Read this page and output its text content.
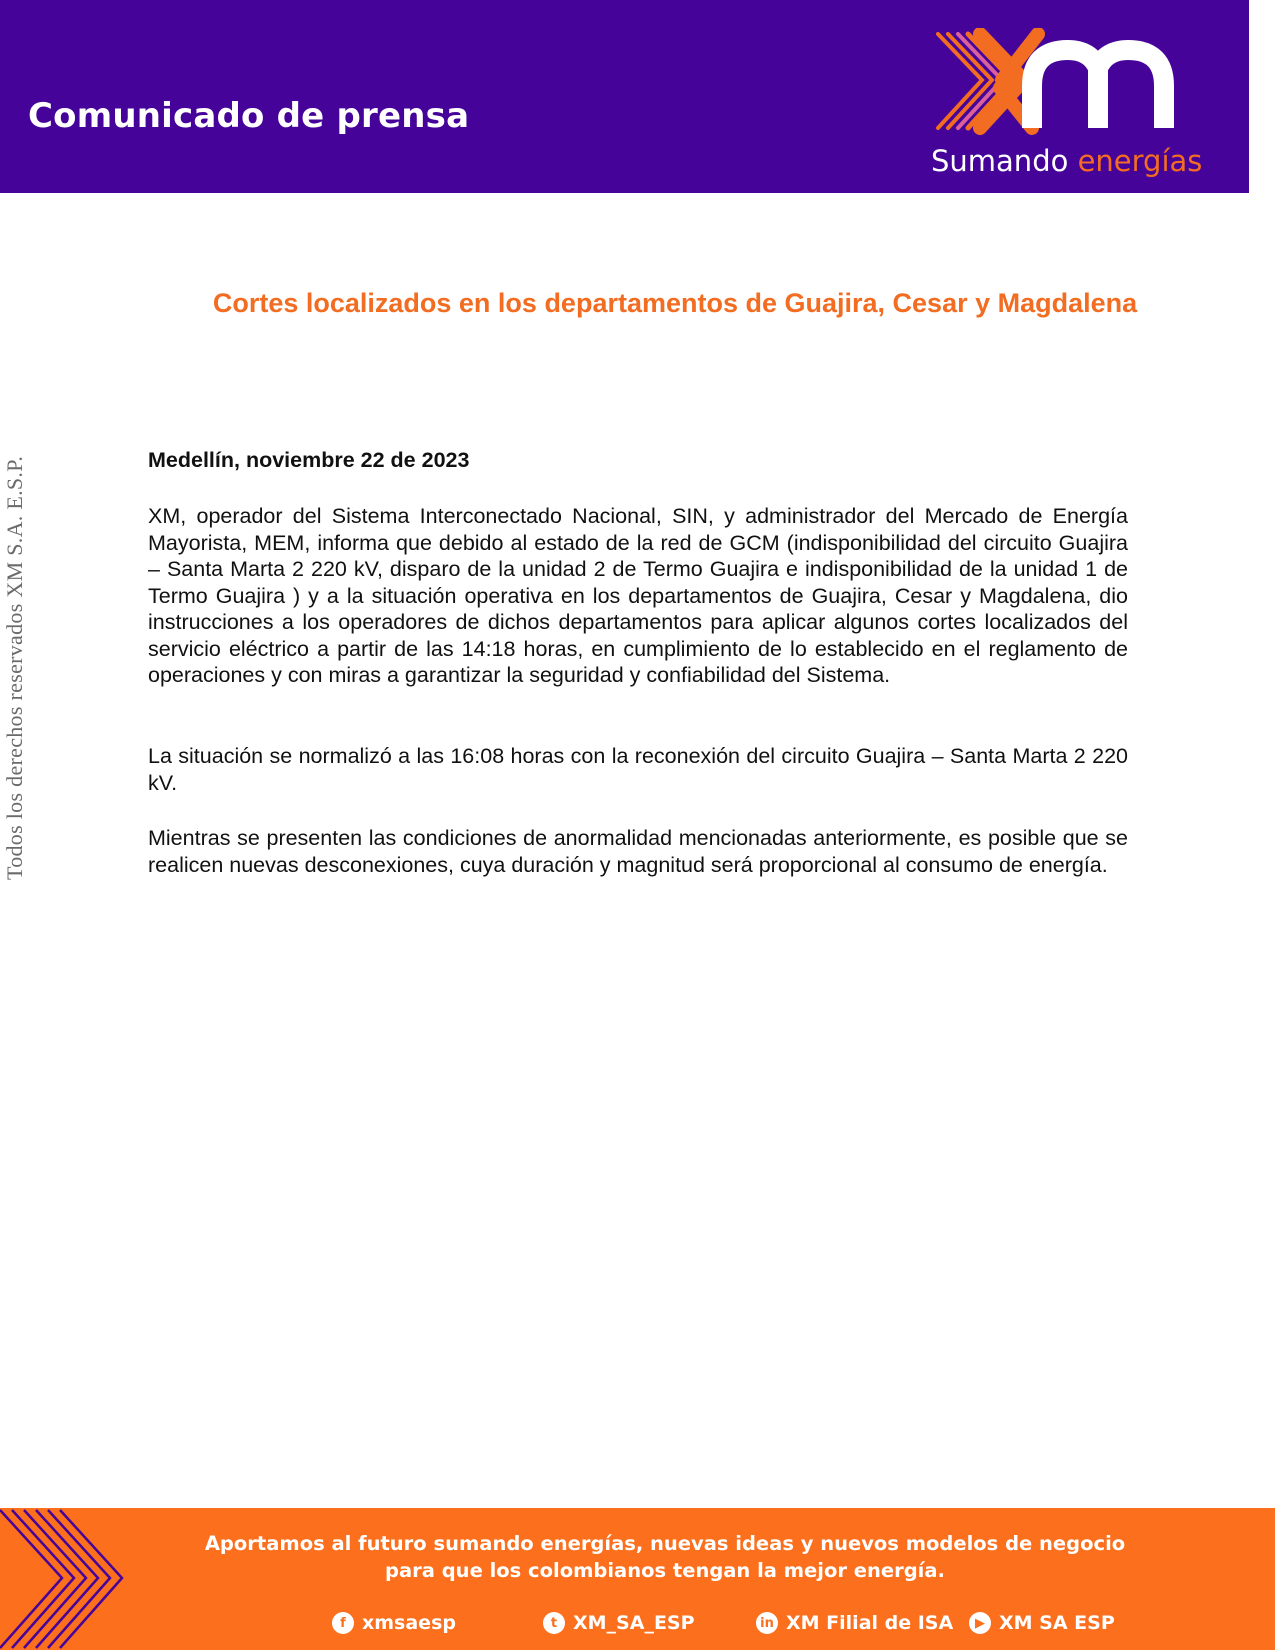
Comunicado de prensa
Sumando energías
Todos los derechos reservados XM S.A. E.S.P.
Cortes localizados en los departamentos de Guajira, Cesar y Magdalena

Medellín, noviembre 22 de 2023

XM, operador del Sistema Interconectado Nacional, SIN, y administrador del Mercado de Energía Mayorista, MEM, informa que debido al estado de la red de GCM (indisponibilidad del circuito Guajira – Santa Marta 2 220 kV, disparo de la unidad 2 de Termo Guajira e indisponibilidad de la unidad 1 de Termo Guajira ) y a la situación operativa en los departamentos de Guajira, Cesar y Magdalena, dio instrucciones a los operadores de dichos departamentos para aplicar algunos cortes localizados del servicio eléctrico a partir de las 14:18 horas, en cumplimiento de lo establecido en el reglamento de operaciones y con miras a garantizar la seguridad y confiabilidad del Sistema.

La situación se normalizó a las 16:08 horas con la reconexión del circuito Guajira – Santa Marta 2 220 kV.

Mientras se presenten las condiciones de anormalidad mencionadas anteriormente, es posible que se realicen nuevas desconexiones, cuya duración y magnitud será proporcional al consumo de energía.

Aportamos al futuro sumando energías, nuevas ideas y nuevos modelos de negocio para que los colombianos tengan la mejor energía.

f xmsaesp	t XM_SA_ESP	in XM Filial de ISA	▶ XM SA ESP
